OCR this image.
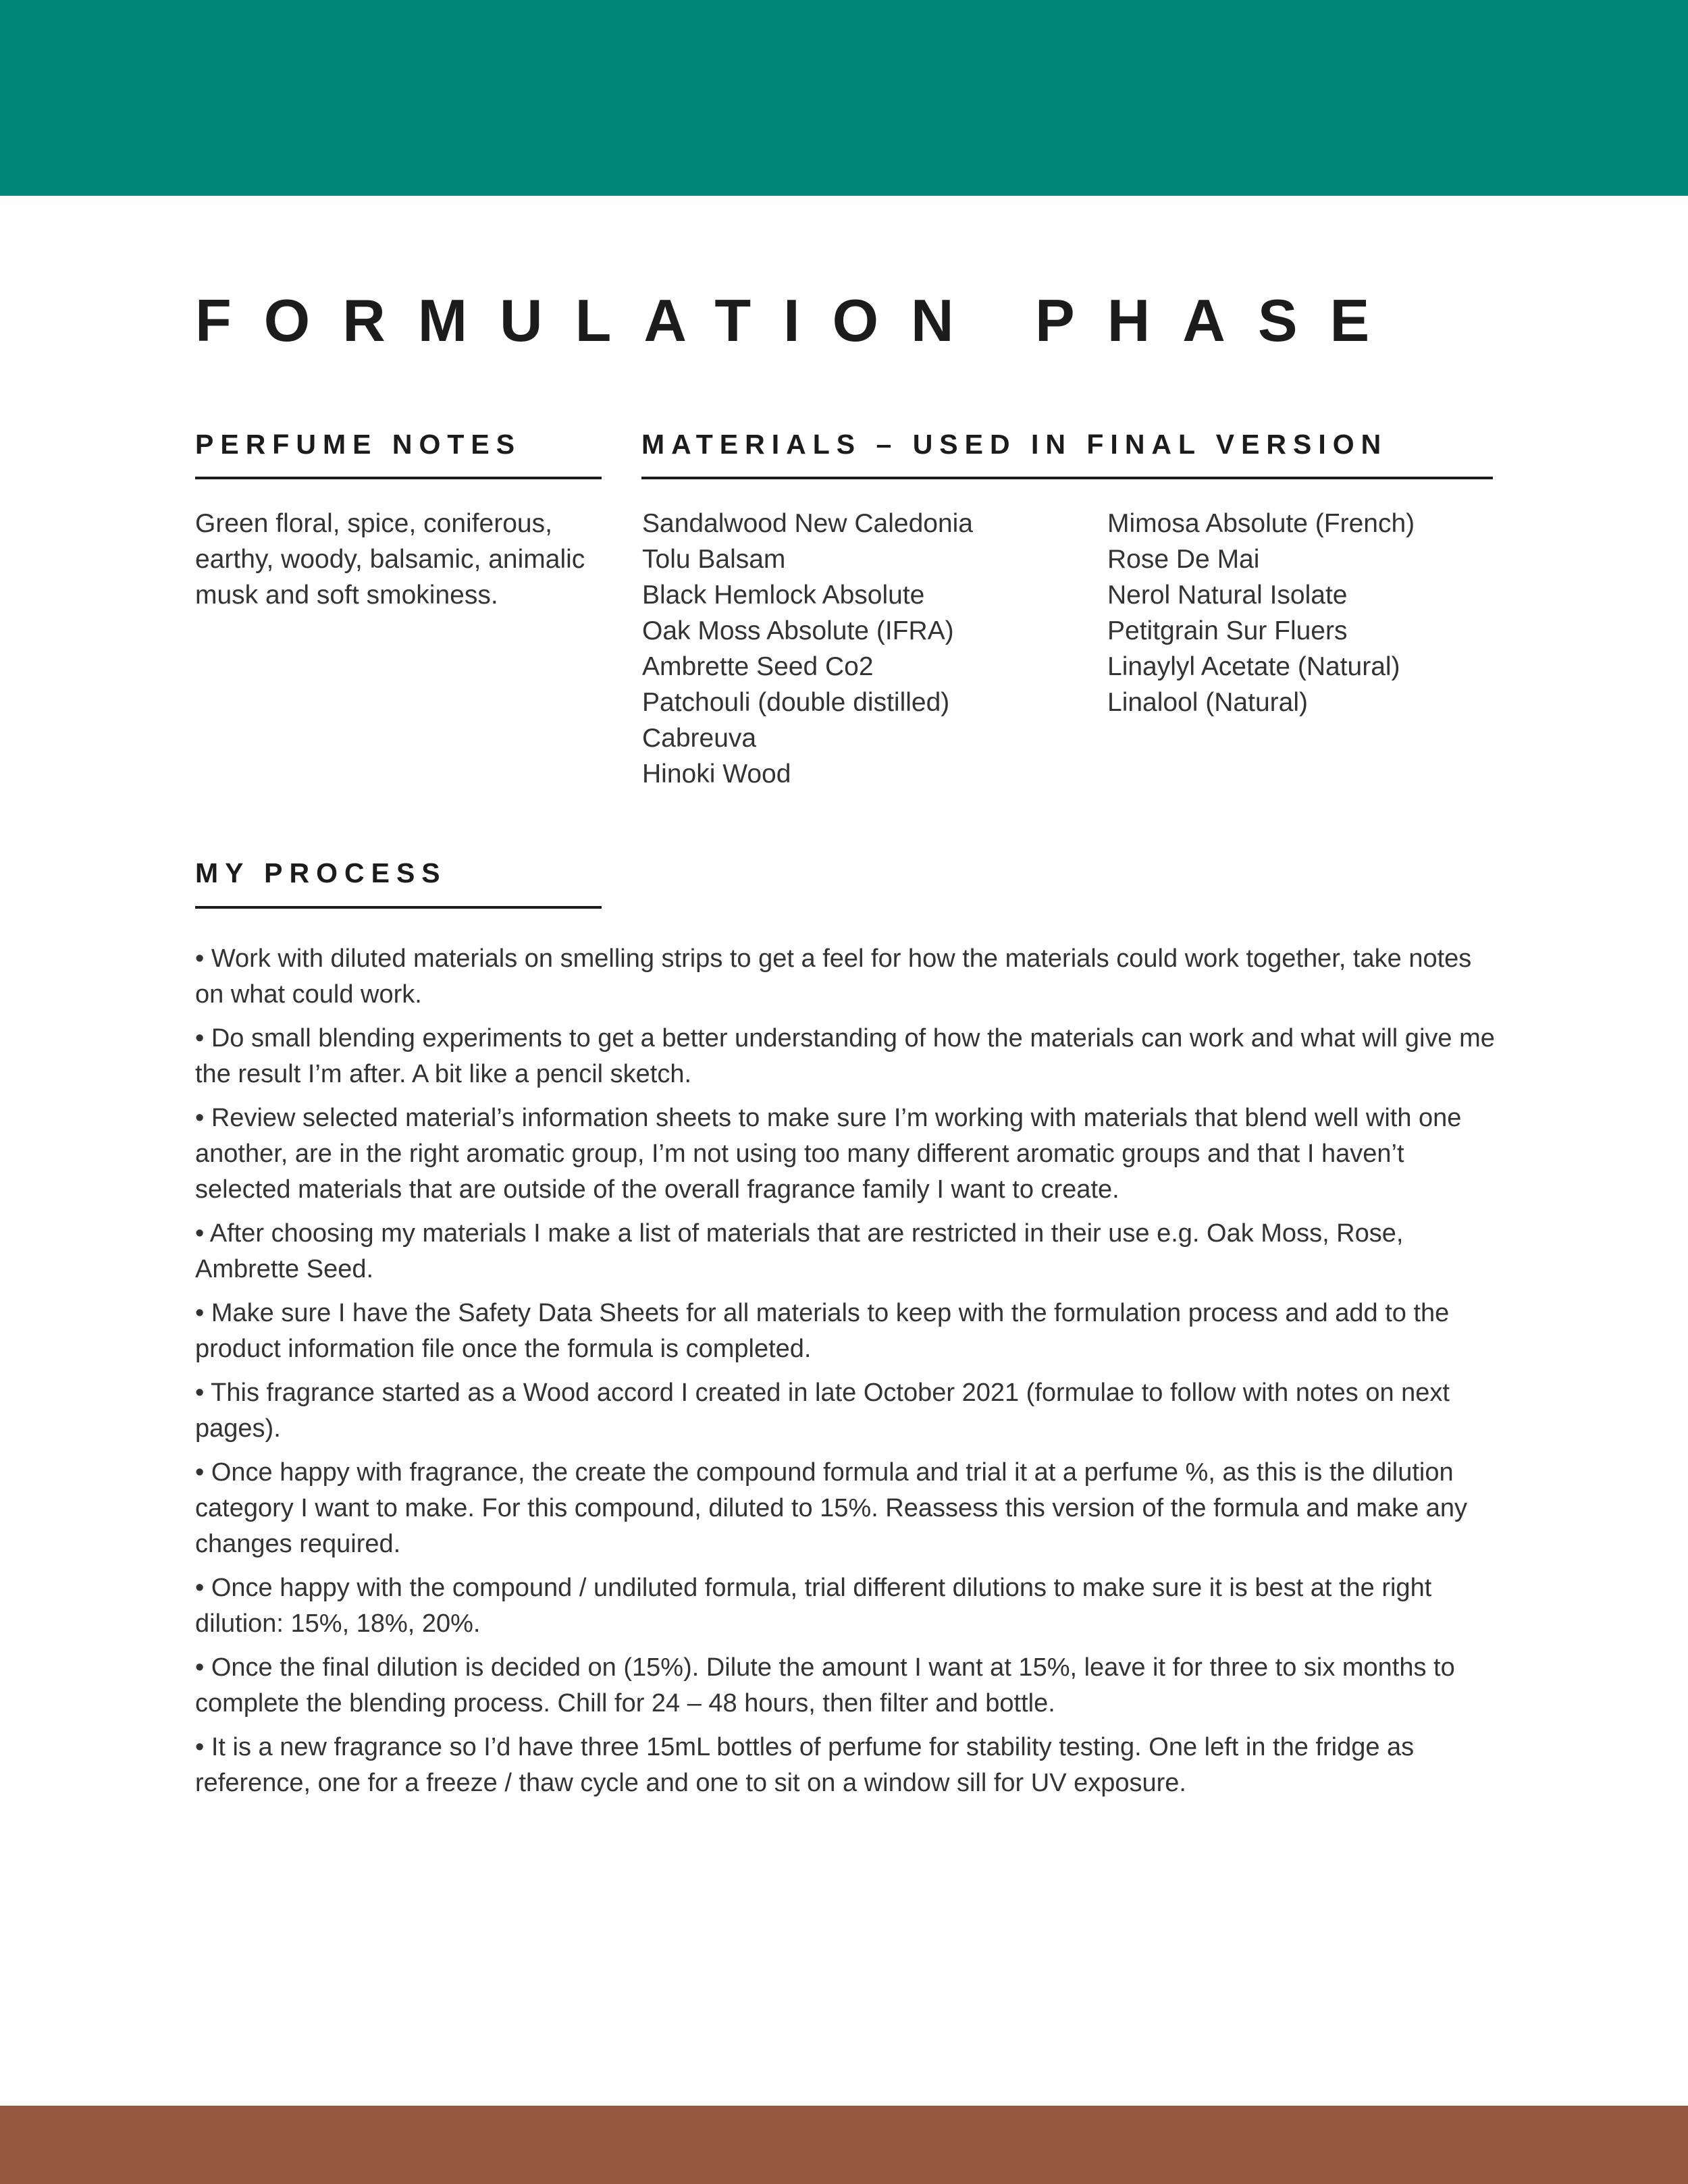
FORMULATION PHASE
PERFUME NOTES

Green floral, spice, coniferous, earthy, woody, balsamic, animalic musk and soft smokiness.

MATERIALS – USED IN FINAL VERSION
Sandalwood New Caledonia
Tolu Balsam
Black Hemlock Absolute
Oak Moss Absolute (IFRA)
Ambrette Seed Co2
Patchouli (double distilled)
Cabreuva
Hinoki Wood
Mimosa Absolute (French)
Rose De Mai
Nerol Natural Isolate
Petitgrain Sur Fluers
Linaylyl Acetate (Natural)
Linalool (Natural)
MY PROCESS
• Work with diluted materials on smelling strips to get a feel for how the materials could work together, take notes on what could work.
• Do small blending experiments to get a better understanding of how the materials can work and what will give me the result I’m after. A bit like a pencil sketch.
• Review selected material’s information sheets to make sure I’m working with materials that blend well with one another, are in the right aromatic group, I’m not using too many different aromatic groups and that I haven’t selected materials that are outside of the overall fragrance family I want to create.
• After choosing my materials I make a list of materials that are restricted in their use e.g. Oak Moss, Rose, Ambrette Seed.
• Make sure I have the Safety Data Sheets for all materials to keep with the formulation process and add to the product information file once the formula is completed.
• This fragrance started as a Wood accord I created in late October 2021 (formulae to follow with notes on next pages).
• Once happy with fragrance, the create the compound formula and trial it at a perfume %, as this is the dilution category I want to make. For this compound, diluted to 15%. Reassess this version of the formula and make any changes required.
• Once happy with the compound / undiluted formula, trial different dilutions to make sure it is best at the right dilution: 15%, 18%, 20%.
• Once the final dilution is decided on (15%). Dilute the amount I want at 15%, leave it for three to six months to complete the blending process. Chill for 24 – 48 hours, then filter and bottle.
• It is a new fragrance so I’d have three 15mL bottles of perfume for stability testing. One left in the fridge as reference, one for a freeze / thaw cycle and one to sit on a window sill for UV exposure.
